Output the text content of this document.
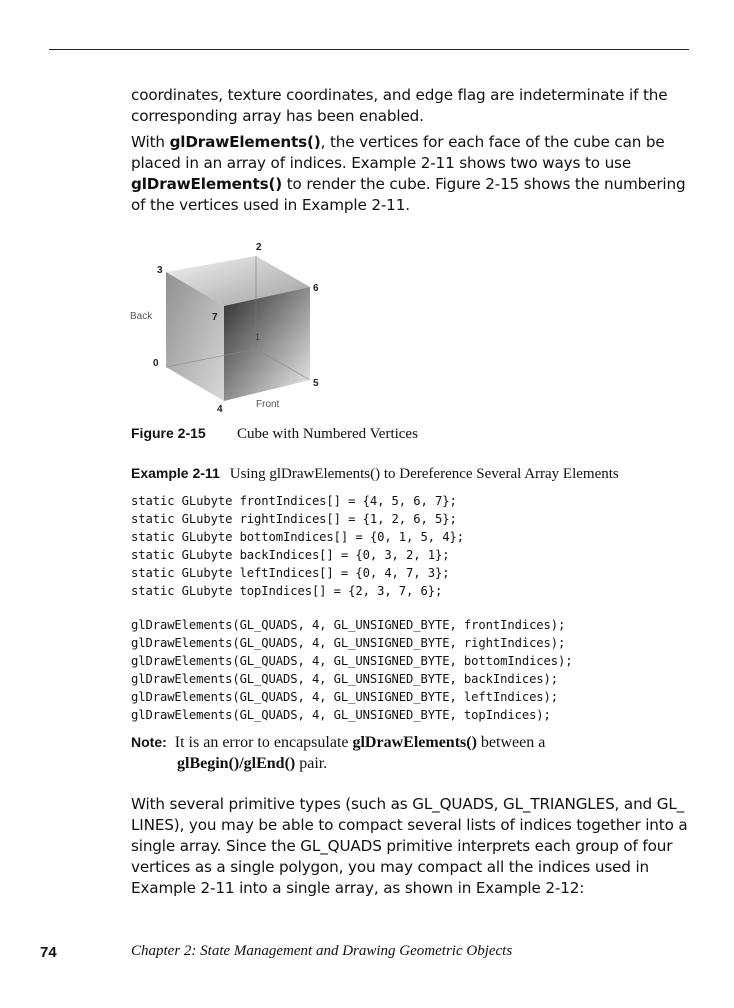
coordinates, texture coordinates, and edge flag are indeterminate if the corresponding array has been enabled.

With glDrawElements(), the vertices for each face of the cube can be placed in an array of indices. Example 2-11 shows two ways to use glDrawElements() to render the cube. Figure 2-15 shows the numbering of the vertices used in Example 2-11.

2
3
6
7
1
0
5
4
Back
Front
Figure 2-15 Cube with Numbered Vertices
Example 2-11 Using glDrawElements() to Dereference Several Array Elements
static GLubyte frontIndices[] = {4, 5, 6, 7};
static GLubyte rightIndices[] = {1, 2, 6, 5};
static GLubyte bottomIndices[] = {0, 1, 5, 4};
static GLubyte backIndices[] = {0, 3, 2, 1};
static GLubyte leftIndices[] = {0, 4, 7, 3};
static GLubyte topIndices[] = {2, 3, 7, 6};
glDrawElements(GL_QUADS, 4, GL_UNSIGNED_BYTE, frontIndices);
glDrawElements(GL_QUADS, 4, GL_UNSIGNED_BYTE, rightIndices);
glDrawElements(GL_QUADS, 4, GL_UNSIGNED_BYTE, bottomIndices);
glDrawElements(GL_QUADS, 4, GL_UNSIGNED_BYTE, backIndices);
glDrawElements(GL_QUADS, 4, GL_UNSIGNED_BYTE, leftIndices);
glDrawElements(GL_QUADS, 4, GL_UNSIGNED_BYTE, topIndices);
Note: It is an error to encapsulate glDrawElements() between a
glBegin()/glEnd() pair.

With several primitive types (such as GL_QUADS, GL_TRIANGLES, and GL_ LINES), you may be able to compact several lists of indices together into a single array. Since the GL_QUADS primitive interprets each group of four vertices as a single polygon, you may compact all the indices used in Example 2-11 into a single array, as shown in Example 2-12:

74	Chapter 2: State Management and Drawing Geometric Objects
